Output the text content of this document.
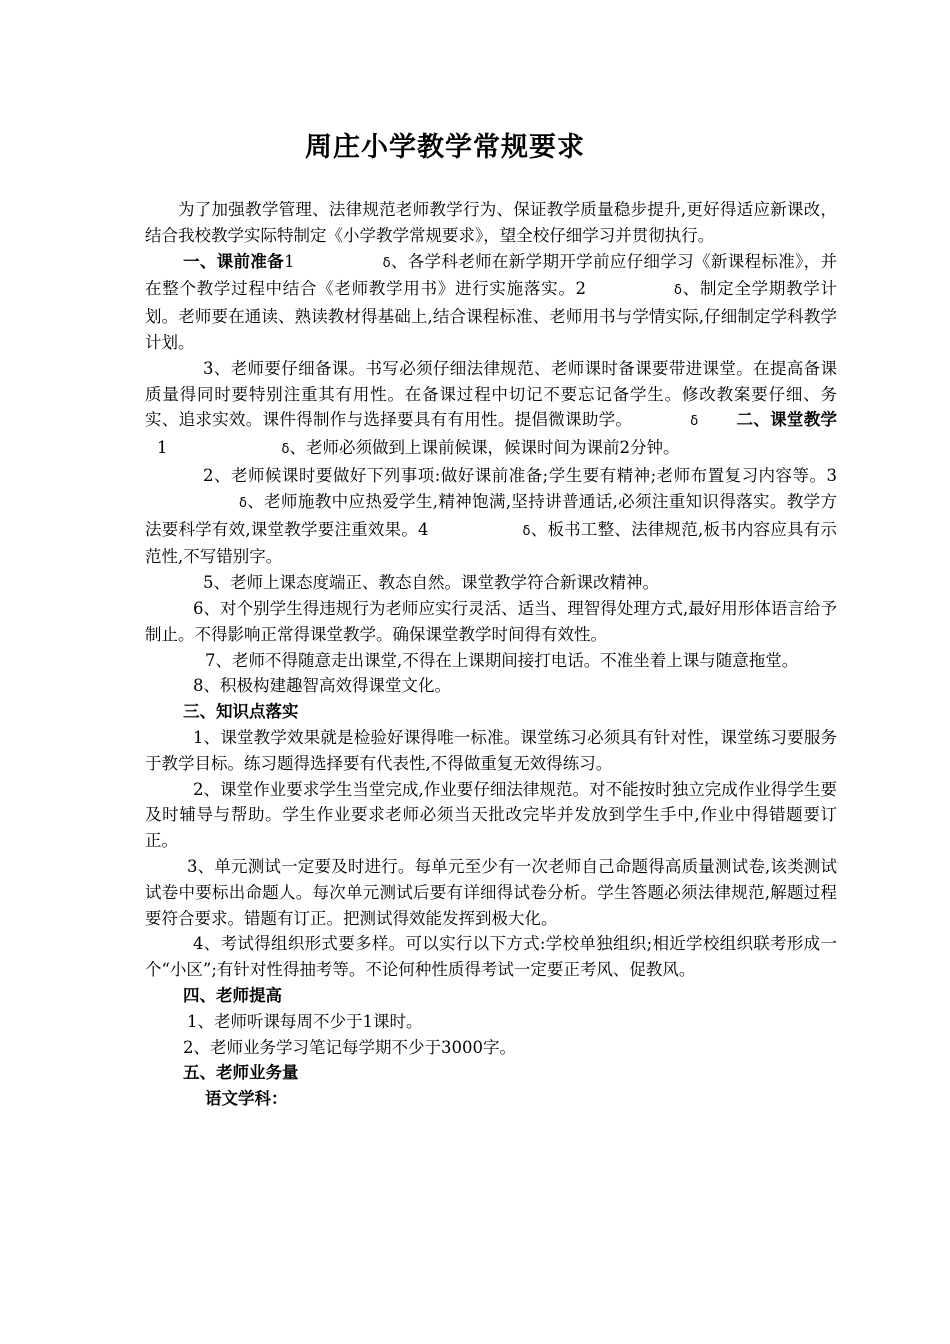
周庄小学教学常规要求

为了加强教学管理、法律规范老师教学行为、保证教学质量稳步提升,更好得适应新课改，结合我校教学实际特制定《小学教学常规要求》，望全校仔细学习并贯彻执行。

一、课前准备1	ẟ、各学科老师在新学期开学前应仔细学习《新课程标准》，并在整个教学过程中结合《老师教学用书》进行实施落实。2	ẟ、制定全学期教学计划。老师要在通读、熟读教材得基础上,结合课程标准、老师用书与学情实际,仔细制定学科教学计划。

3、老师要仔细备课。书写必须仔细法律规范、老师课时备课要带进课堂。在提高备课质量得同时要特别注重其有用性。在备课过程中切记不要忘记备学生。修改教案要仔细、务实、追求实效。课件得制作与选择要具有有用性。提倡微课助学。	ẟ 二、课堂教学1	ẟ、老师必须做到上课前候课，候课时间为课前2分钟。

2、老师候课时要做好下列事项:做好课前准备;学生要有精神;老师布置复习内容等。3ẟ、老师施教中应热爱学生,精神饱满,坚持讲普通话,必须注重知识得落实。教学方法要科学有效,课堂教学要注重效果。4	ẟ、板书工整、法律规范,板书内容应具有示范性,不写错别字。

5、老师上课态度端正、教态自然。课堂教学符合新课改精神。

6、对个别学生得违规行为老师应实行灵活、适当、理智得处理方式,最好用形体语言给予制止。不得影响正常得课堂教学。确保课堂教学时间得有效性。

7、老师不得随意走出课堂,不得在上课期间接打电话。不准坐着上课与随意拖堂。

8、积极构建趣智高效得课堂文化。

三、知识点落实

1、课堂教学效果就是检验好课得唯一标准。课堂练习必须具有针对性，课堂练习要服务于教学目标。练习题得选择要有代表性,不得做重复无效得练习。

2、课堂作业要求学生当堂完成,作业要仔细法律规范。对不能按时独立完成作业得学生要及时辅导与帮助。学生作业要求老师必须当天批改完毕并发放到学生手中,作业中得错题要订正。

3、单元测试一定要及时进行。每单元至少有一次老师自己命题得高质量测试卷,该类测试试卷中要标出命题人。每次单元测试后要有详细得试卷分析。学生答题必须法律规范,解题过程要符合要求。错题有订正。把测试得效能发挥到极大化。

4、考试得组织形式要多样。可以实行以下方式:学校单独组织;相近学校组织联考形成一个“小区”;有针对性得抽考等。不论何种性质得考试一定要正考风、促教风。

四、老师提高

1、老师听课每周不少于1课时。

2、老师业务学习笔记每学期不少于3000字。

五、老师业务量

语文学科：
